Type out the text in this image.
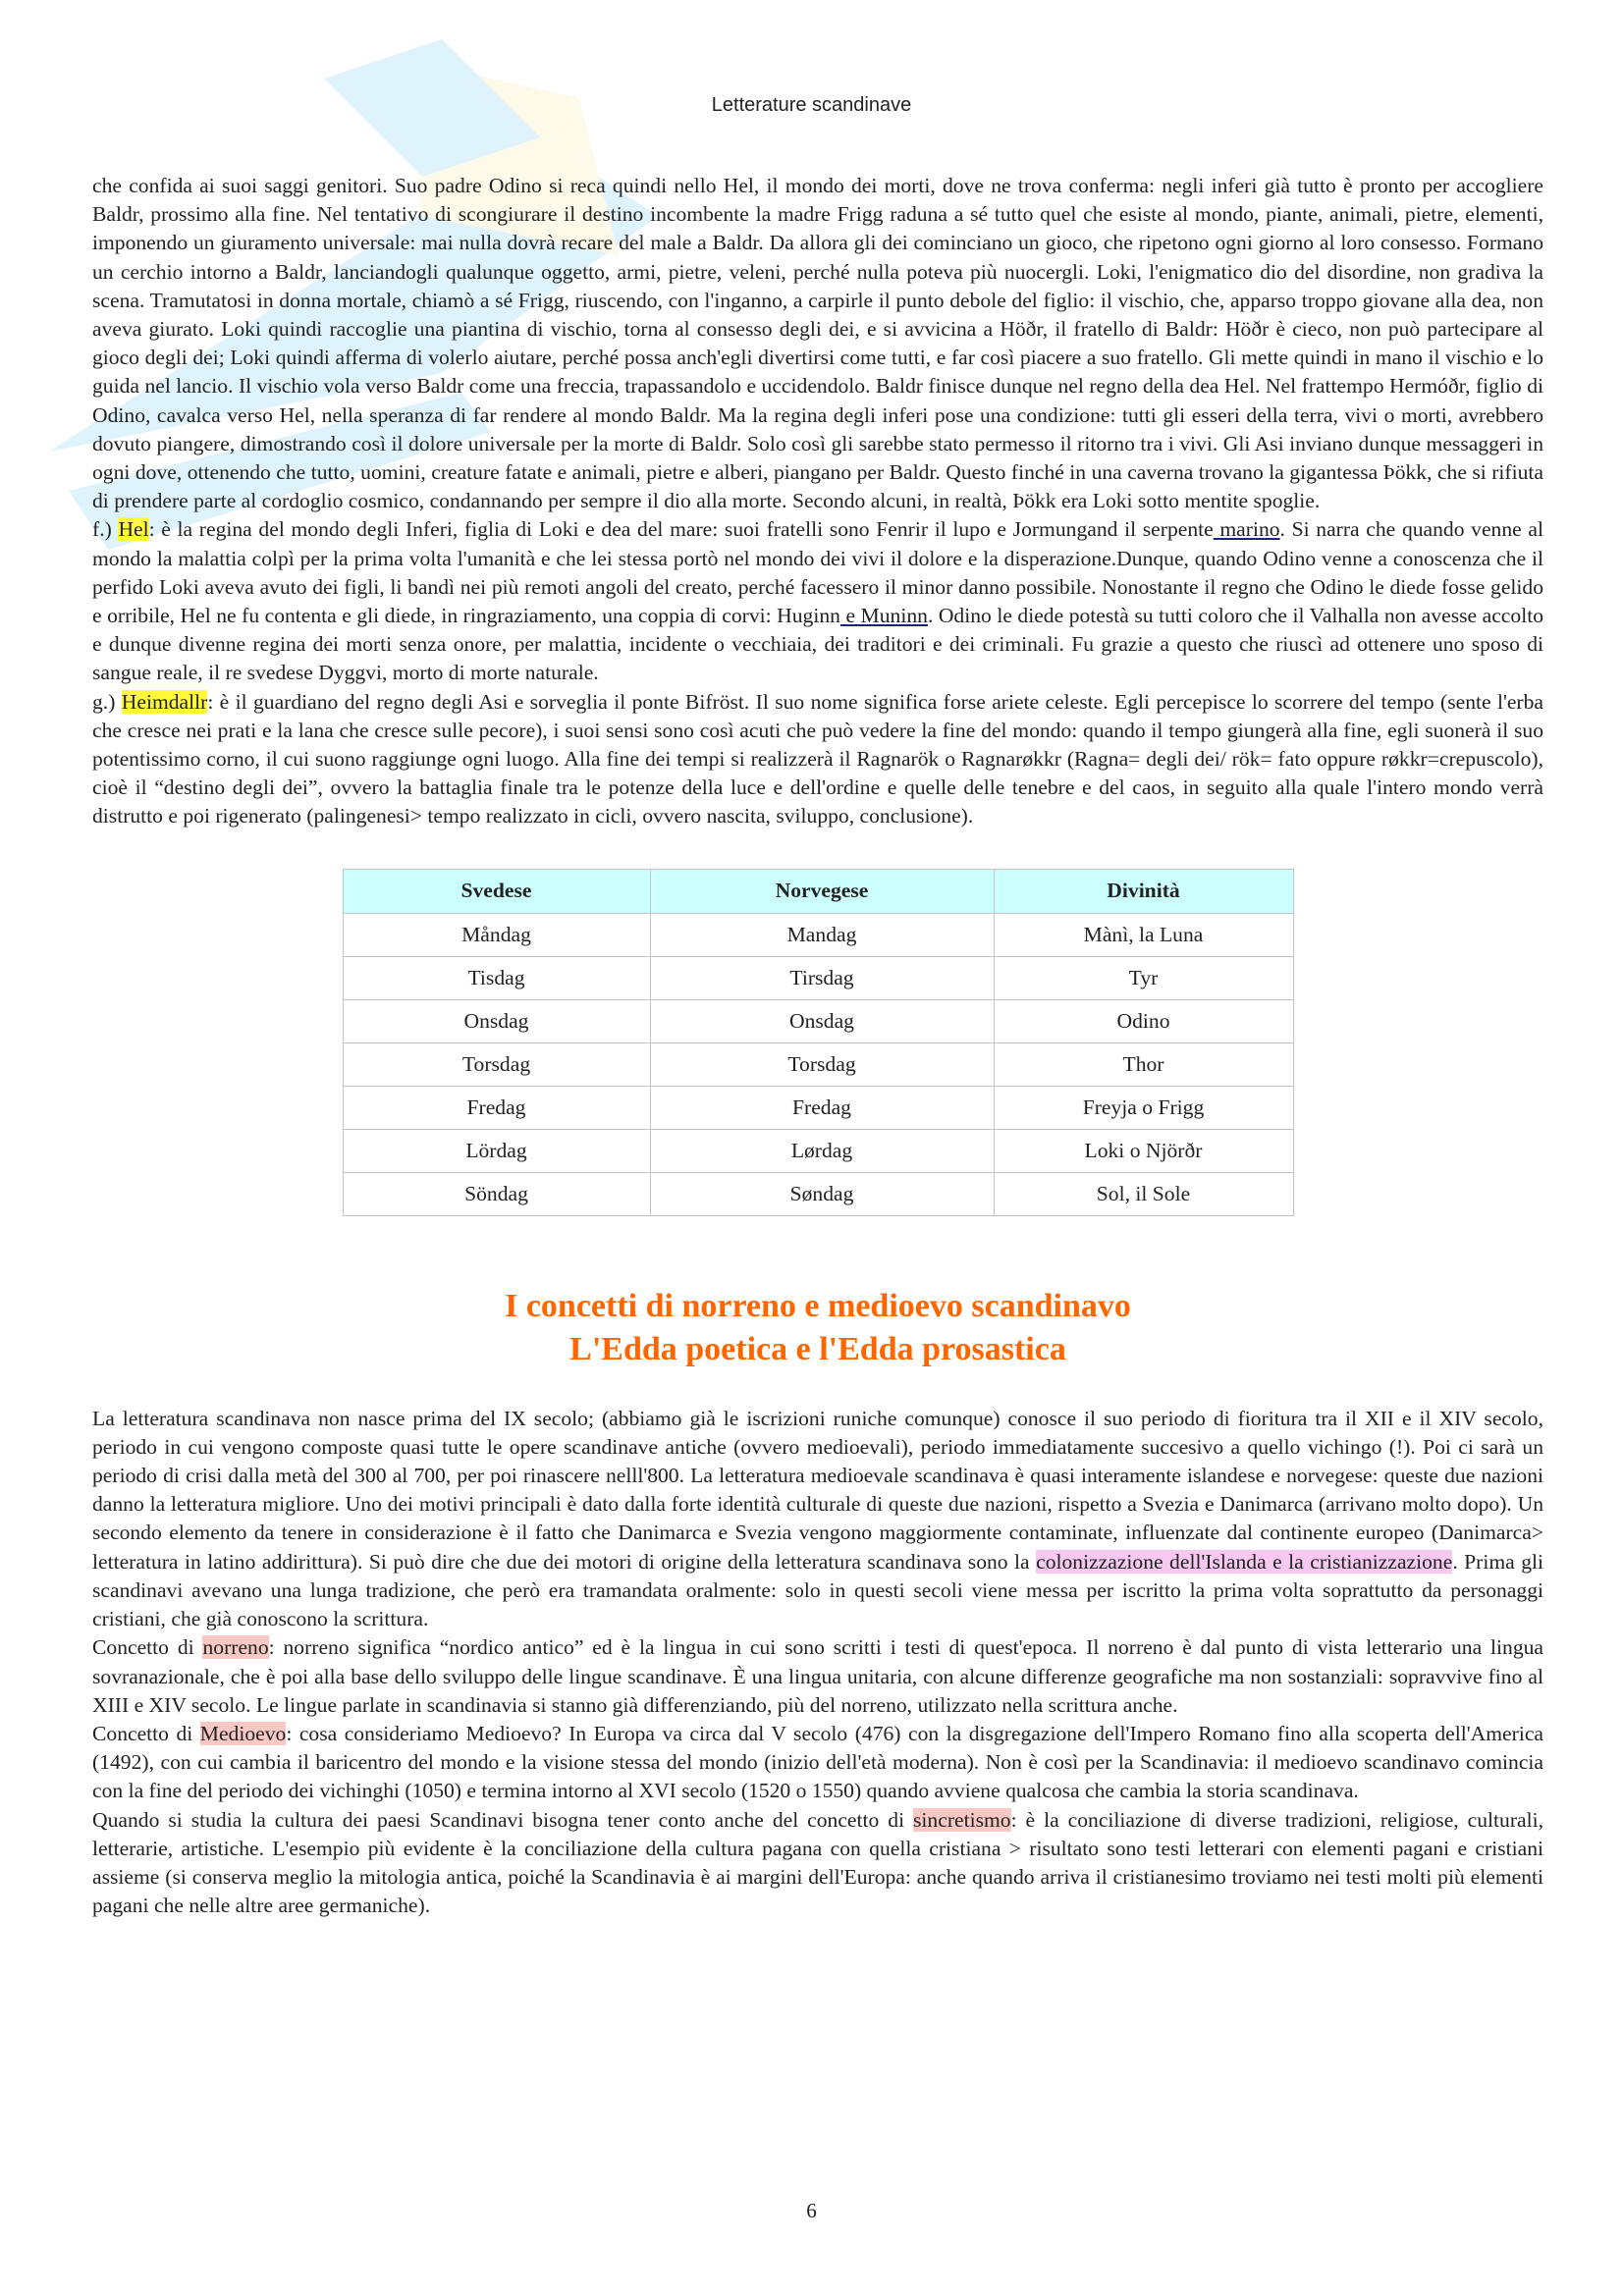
Letterature scandinave

che confida ai suoi saggi genitori. Suo padre Odino si reca quindi nello Hel, il mondo dei morti, dove ne trova conferma: negli inferi già tutto è pronto per accogliere Baldr, prossimo alla fine. Nel tentativo di scongiurare il destino incombente la madre Frigg raduna a sé tutto quel che esiste al mondo, piante, animali, pietre, elementi, imponendo un giuramento universale: mai nulla dovrà recare del male a Baldr. Da allora gli dei cominciano un gioco, che ripetono ogni giorno al loro consesso. Formano un cerchio intorno a Baldr, lanciandogli qualunque oggetto, armi, pietre, veleni, perché nulla poteva più nuocergli. Loki, l'enigmatico dio del disordine, non gradiva la scena. Tramutatosi in donna mortale, chiamò a sé Frigg, riuscendo, con l'inganno, a carpirle il punto debole del figlio: il vischio, che, apparso troppo giovane alla dea, non aveva giurato. Loki quindi raccoglie una piantina di vischio, torna al consesso degli dei, e si avvicina a Höðr, il fratello di Baldr: Höðr è cieco, non può partecipare al gioco degli dei; Loki quindi afferma di volerlo aiutare, perché possa anch'egli divertirsi come tutti, e far così piacere a suo fratello. Gli mette quindi in mano il vischio e lo guida nel lancio. Il vischio vola verso Baldr come una freccia, trapassandolo e uccidendolo. Baldr finisce dunque nel regno della dea Hel. Nel frattempo Hermóðr, figlio di Odino, cavalca verso Hel, nella speranza di far rendere al mondo Baldr. Ma la regina degli inferi pose una condizione: tutti gli esseri della terra, vivi o morti, avrebbero dovuto piangere, dimostrando così il dolore universale per la morte di Baldr. Solo così gli sarebbe stato permesso il ritorno tra i vivi. Gli Asi inviano dunque messaggeri in ogni dove, ottenendo che tutto, uomini, creature fatate e animali, pietre e alberi, piangano per Baldr. Questo finché in una caverna trovano la gigantessa Þökk, che si rifiuta di prendere parte al cordoglio cosmico, condannando per sempre il dio alla morte. Secondo alcuni, in realtà, Þökk era Loki sotto mentite spoglie.

f.) Hel: è la regina del mondo degli Inferi, figlia di Loki e dea del mare: suoi fratelli sono Fenrir il lupo e Jormungand il serpente marino. Si narra che quando venne al mondo la malattia colpì per la prima volta l'umanità e che lei stessa portò nel mondo dei vivi il dolore e la disperazione.Dunque, quando Odino venne a conoscenza che il perfido Loki aveva avuto dei figli, li bandì nei più remoti angoli del creato, perché facessero il minor danno possibile. Nonostante il regno che Odino le diede fosse gelido e orribile, Hel ne fu contenta e gli diede, in ringraziamento, una coppia di corvi: Huginn e Muninn. Odino le diede potestà su tutti coloro che il Valhalla non avesse accolto e dunque divenne regina dei morti senza onore, per malattia, incidente o vecchiaia, dei traditori e dei criminali. Fu grazie a questo che riuscì ad ottenere uno sposo di sangue reale, il re svedese Dyggvi, morto di morte naturale.

g.) Heimdallr: è il guardiano del regno degli Asi e sorveglia il ponte Bifröst. Il suo nome significa forse ariete celeste. Egli percepisce lo scorrere del tempo (sente l'erba che cresce nei prati e la lana che cresce sulle pecore), i suoi sensi sono così acuti che può vedere la fine del mondo: quando il tempo giungerà alla fine, egli suonerà il suo potentissimo corno, il cui suono raggiunge ogni luogo. Alla fine dei tempi si realizzerà il Ragnarök o Ragnarøkkr (Ragna= degli dei/ rök= fato oppure røkkr=crepuscolo), cioè il “destino degli dei”, ovvero la battaglia finale tra le potenze della luce e dell'ordine e quelle delle tenebre e del caos, in seguito alla quale l'intero mondo verrà distrutto e poi rigenerato (palingenesi> tempo realizzato in cicli, ovvero nascita, sviluppo, conclusione).

Svedese	Norvegese	Divinità
Måndag	Mandag	Mànì, la Luna
Tisdag	Tirsdag	Tyr
Onsdag	Onsdag	Odino
Torsdag	Torsdag	Thor
Fredag	Fredag	Freyja o Frigg
Lördag	Lørdag	Loki o Njörðr
Söndag	Søndag	Sol, il Sole
I concetti di norreno e medioevo scandinavo
L'Edda poetica e l'Edda prosastica

La letteratura scandinava non nasce prima del IX secolo; (abbiamo già le iscrizioni runiche comunque) conosce il suo periodo di fioritura tra il XII e il XIV secolo, periodo in cui vengono composte quasi tutte le opere scandinave antiche (ovvero medioevali), periodo immediatamente succesivo a quello vichingo (!). Poi ci sarà un periodo di crisi dalla metà del 300 al 700, per poi rinascere nelll'800. La letteratura medioevale scandinava è quasi interamente islandese e norvegese: queste due nazioni danno la letteratura migliore. Uno dei motivi principali è dato dalla forte identità culturale di queste due nazioni, rispetto a Svezia e Danimarca (arrivano molto dopo). Un secondo elemento da tenere in considerazione è il fatto che Danimarca e Svezia vengono maggiormente contaminate, influenzate dal continente europeo (Danimarca> letteratura in latino addirittura). Si può dire che due dei motori di origine della letteratura scandinava sono la colonizzazione dell'Islanda e la cristianizzazione. Prima gli scandinavi avevano una lunga tradizione, che però era tramandata oralmente: solo in questi secoli viene messa per iscritto la prima volta soprattutto da personaggi cristiani, che già conoscono la scrittura.

Concetto di norreno: norreno significa “nordico antico” ed è la lingua in cui sono scritti i testi di quest'epoca. Il norreno è dal punto di vista letterario una lingua sovranazionale, che è poi alla base dello sviluppo delle lingue scandinave. È una lingua unitaria, con alcune differenze geografiche ma non sostanziali: sopravvive fino al XIII e XIV secolo. Le lingue parlate in scandinavia si stanno già differenziando, più del norreno, utilizzato nella scrittura anche.

Concetto di Medioevo: cosa consideriamo Medioevo? In Europa va circa dal V secolo (476) con la disgregazione dell'Impero Romano fino alla scoperta dell'America (1492), con cui cambia il baricentro del mondo e la visione stessa del mondo (inizio dell'età moderna). Non è così per la Scandinavia: il medioevo scandinavo comincia con la fine del periodo dei vichinghi (1050) e termina intorno al XVI secolo (1520 o 1550) quando avviene qualcosa che cambia la storia scandinava.

Quando si studia la cultura dei paesi Scandinavi bisogna tener conto anche del concetto di sincretismo: è la conciliazione di diverse tradizioni, religiose, culturali, letterarie, artistiche. L'esempio più evidente è la conciliazione della cultura pagana con quella cristiana > risultato sono testi letterari con elementi pagani e cristiani assieme (si conserva meglio la mitologia antica, poiché la Scandinavia è ai margini dell'Europa: anche quando arriva il cristianesimo troviamo nei testi molti più elementi pagani che nelle altre aree germaniche).

6
